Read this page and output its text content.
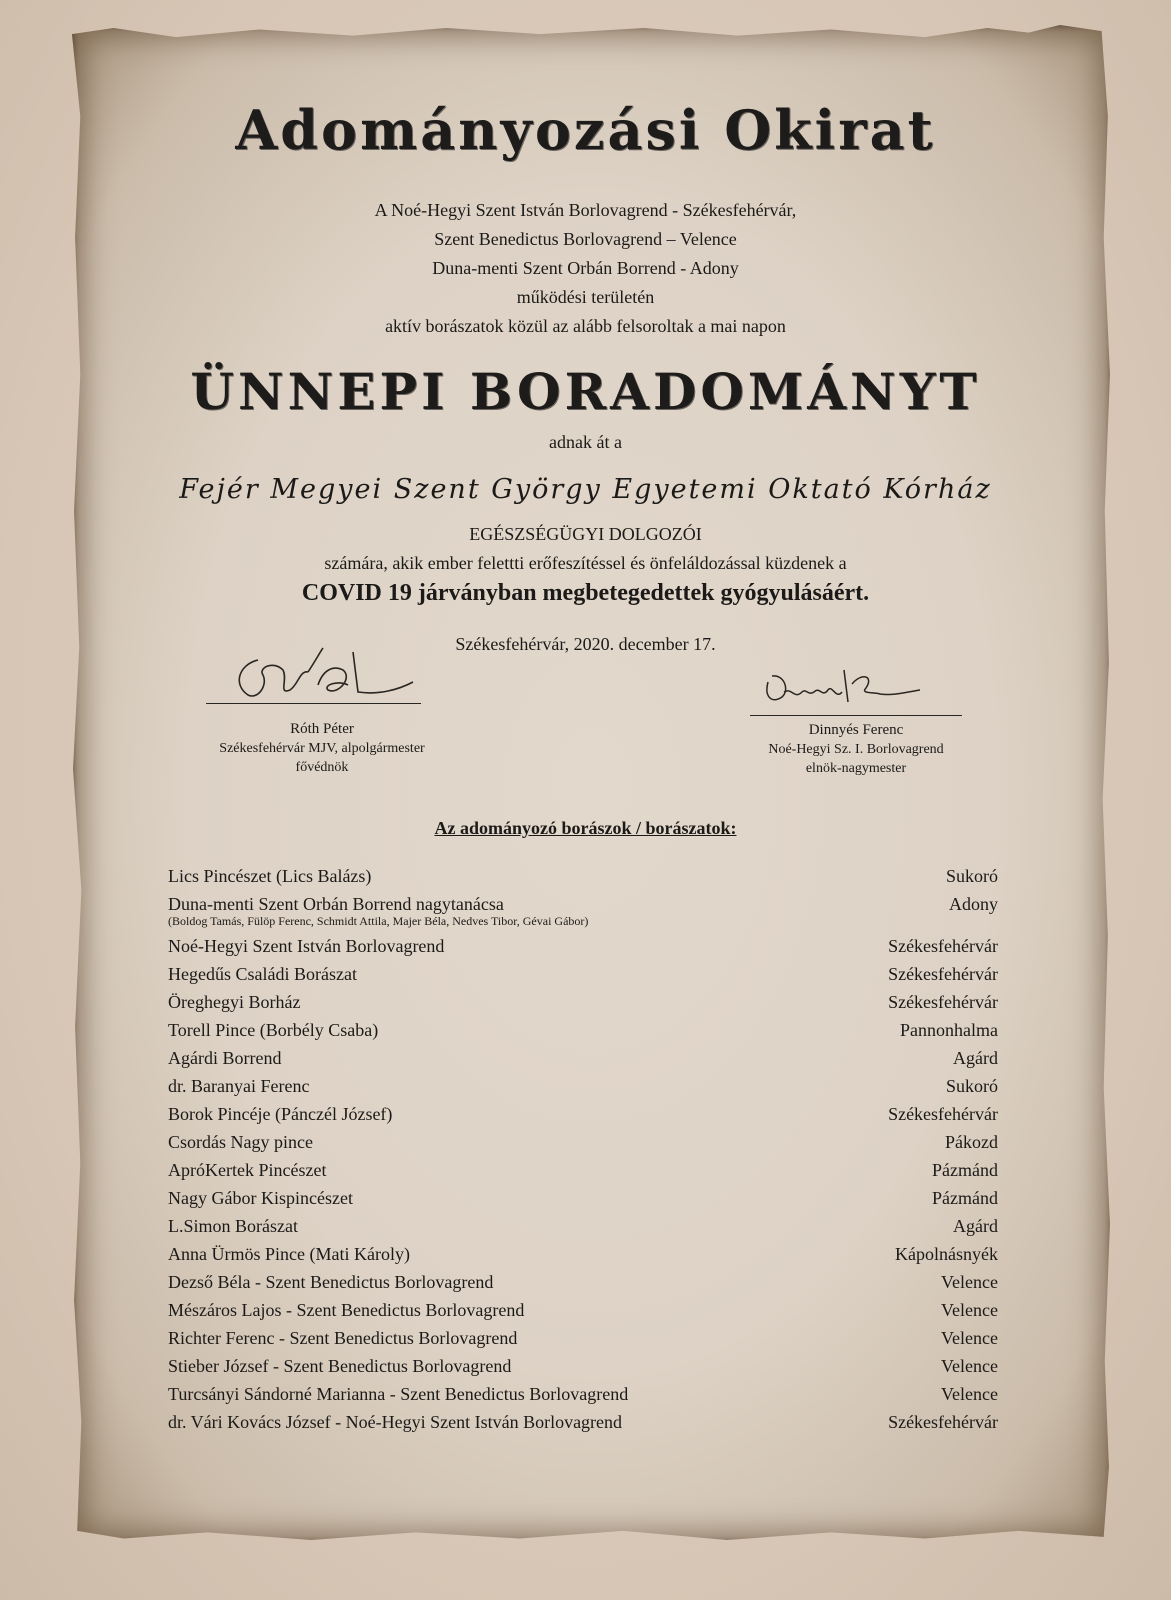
Adományozási Okirat
A Noé-Hegyi Szent István Borlovagrend - Székesfehérvár,
Szent Benedictus Borlovagrend – Velence
Duna-menti Szent Orbán Borrend - Adony
működési területén
aktív borászatok közül az alább felsoroltak a mai napon
ÜNNEPI BORADOMÁNYT
adnak át a
Fejér Megyei Szent György Egyetemi Oktató Kórház
EGÉSZSÉGÜGYI DOLGOZÓI
számára, akik ember felettti erőfeszítéssel és önfeláldozással küzdenek a
COVID 19 járványban megbetegedettek gyógyulásáért.
Székesfehérvár, 2020. december 17.
Róth Péter
Székesfehérvár MJV, alpolgármester
fővédnök
Dinnyés Ferenc
Noé-Hegyi Sz. I. Borlovagrend
elnök-nagymester
Az adományozó borászok / borászatok:
Lics Pincészet (Lics Balázs)	Sukoró
Duna-menti Szent Orbán Borrend nagytanácsa	Adony
(Boldog Tamás, Fülöp Ferenc, Schmidt Attila, Majer Béla, Nedves Tibor, Gévai Gábor)
Noé-Hegyi Szent István Borlovagrend	Székesfehérvár
Hegedűs Családi Borászat	Székesfehérvár
Öreghegyi Borház	Székesfehérvár
Torell Pince (Borbély Csaba)	Pannonhalma
Agárdi Borrend	Agárd
dr. Baranyai Ferenc	Sukoró
Borok Pincéje (Pánczél József)	Székesfehérvár
Csordás Nagy pince	Pákozd
ApróKertek Pincészet	Pázmánd
Nagy Gábor Kispincészet	Pázmánd
L.Simon Borászat	Agárd
Anna Ürmös Pince (Mati Károly)	Kápolnásnyék
Dezső Béla - Szent Benedictus Borlovagrend	Velence
Mészáros Lajos - Szent Benedictus Borlovagrend	Velence
Richter Ferenc - Szent Benedictus Borlovagrend	Velence
Stieber József - Szent Benedictus Borlovagrend	Velence
Turcsányi Sándorné Marianna - Szent Benedictus Borlovagrend	Velence
dr. Vári Kovács József - Noé-Hegyi Szent István Borlovagrend	Székesfehérvár
